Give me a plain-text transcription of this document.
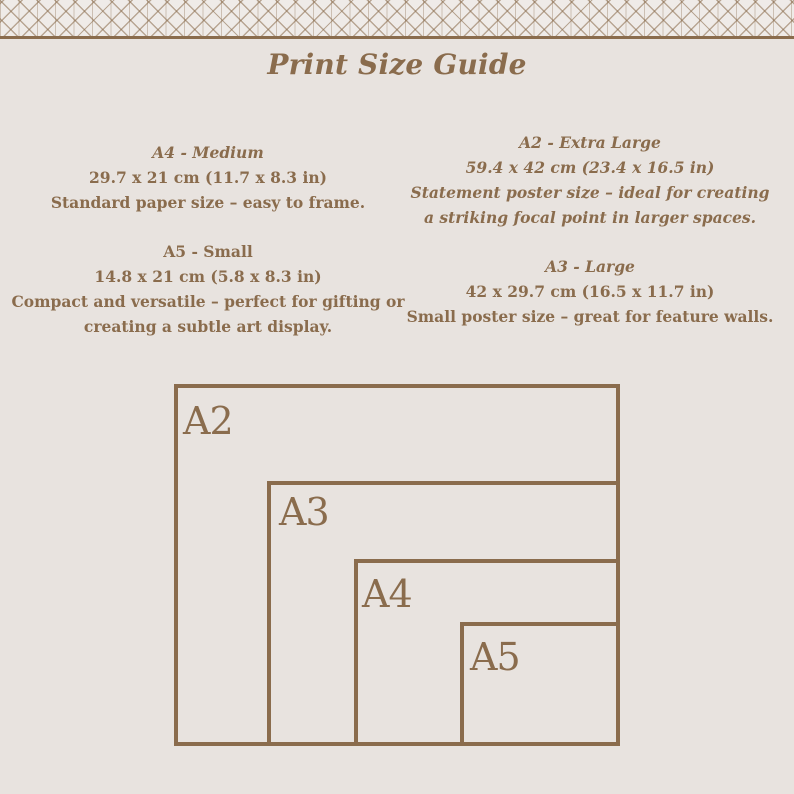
Print Size Guide
A4 - Medium
29.7 x 21 cm (11.7 x 8.3 in)
Standard paper size – easy to frame.
A5 - Small
14.8 x 21 cm (5.8 x 8.3 in)
Compact and versatile – perfect for gifting or
creating a subtle art display.
A2 - Extra Large
59.4 x 42 cm (23.4 x 16.5 in)
Statement poster size – ideal for creating
a striking focal point in larger spaces.
A3 - Large
42 x 29.7 cm (16.5 x 11.7 in)
Small poster size – great for feature walls.
A2
A3
A4
A5
